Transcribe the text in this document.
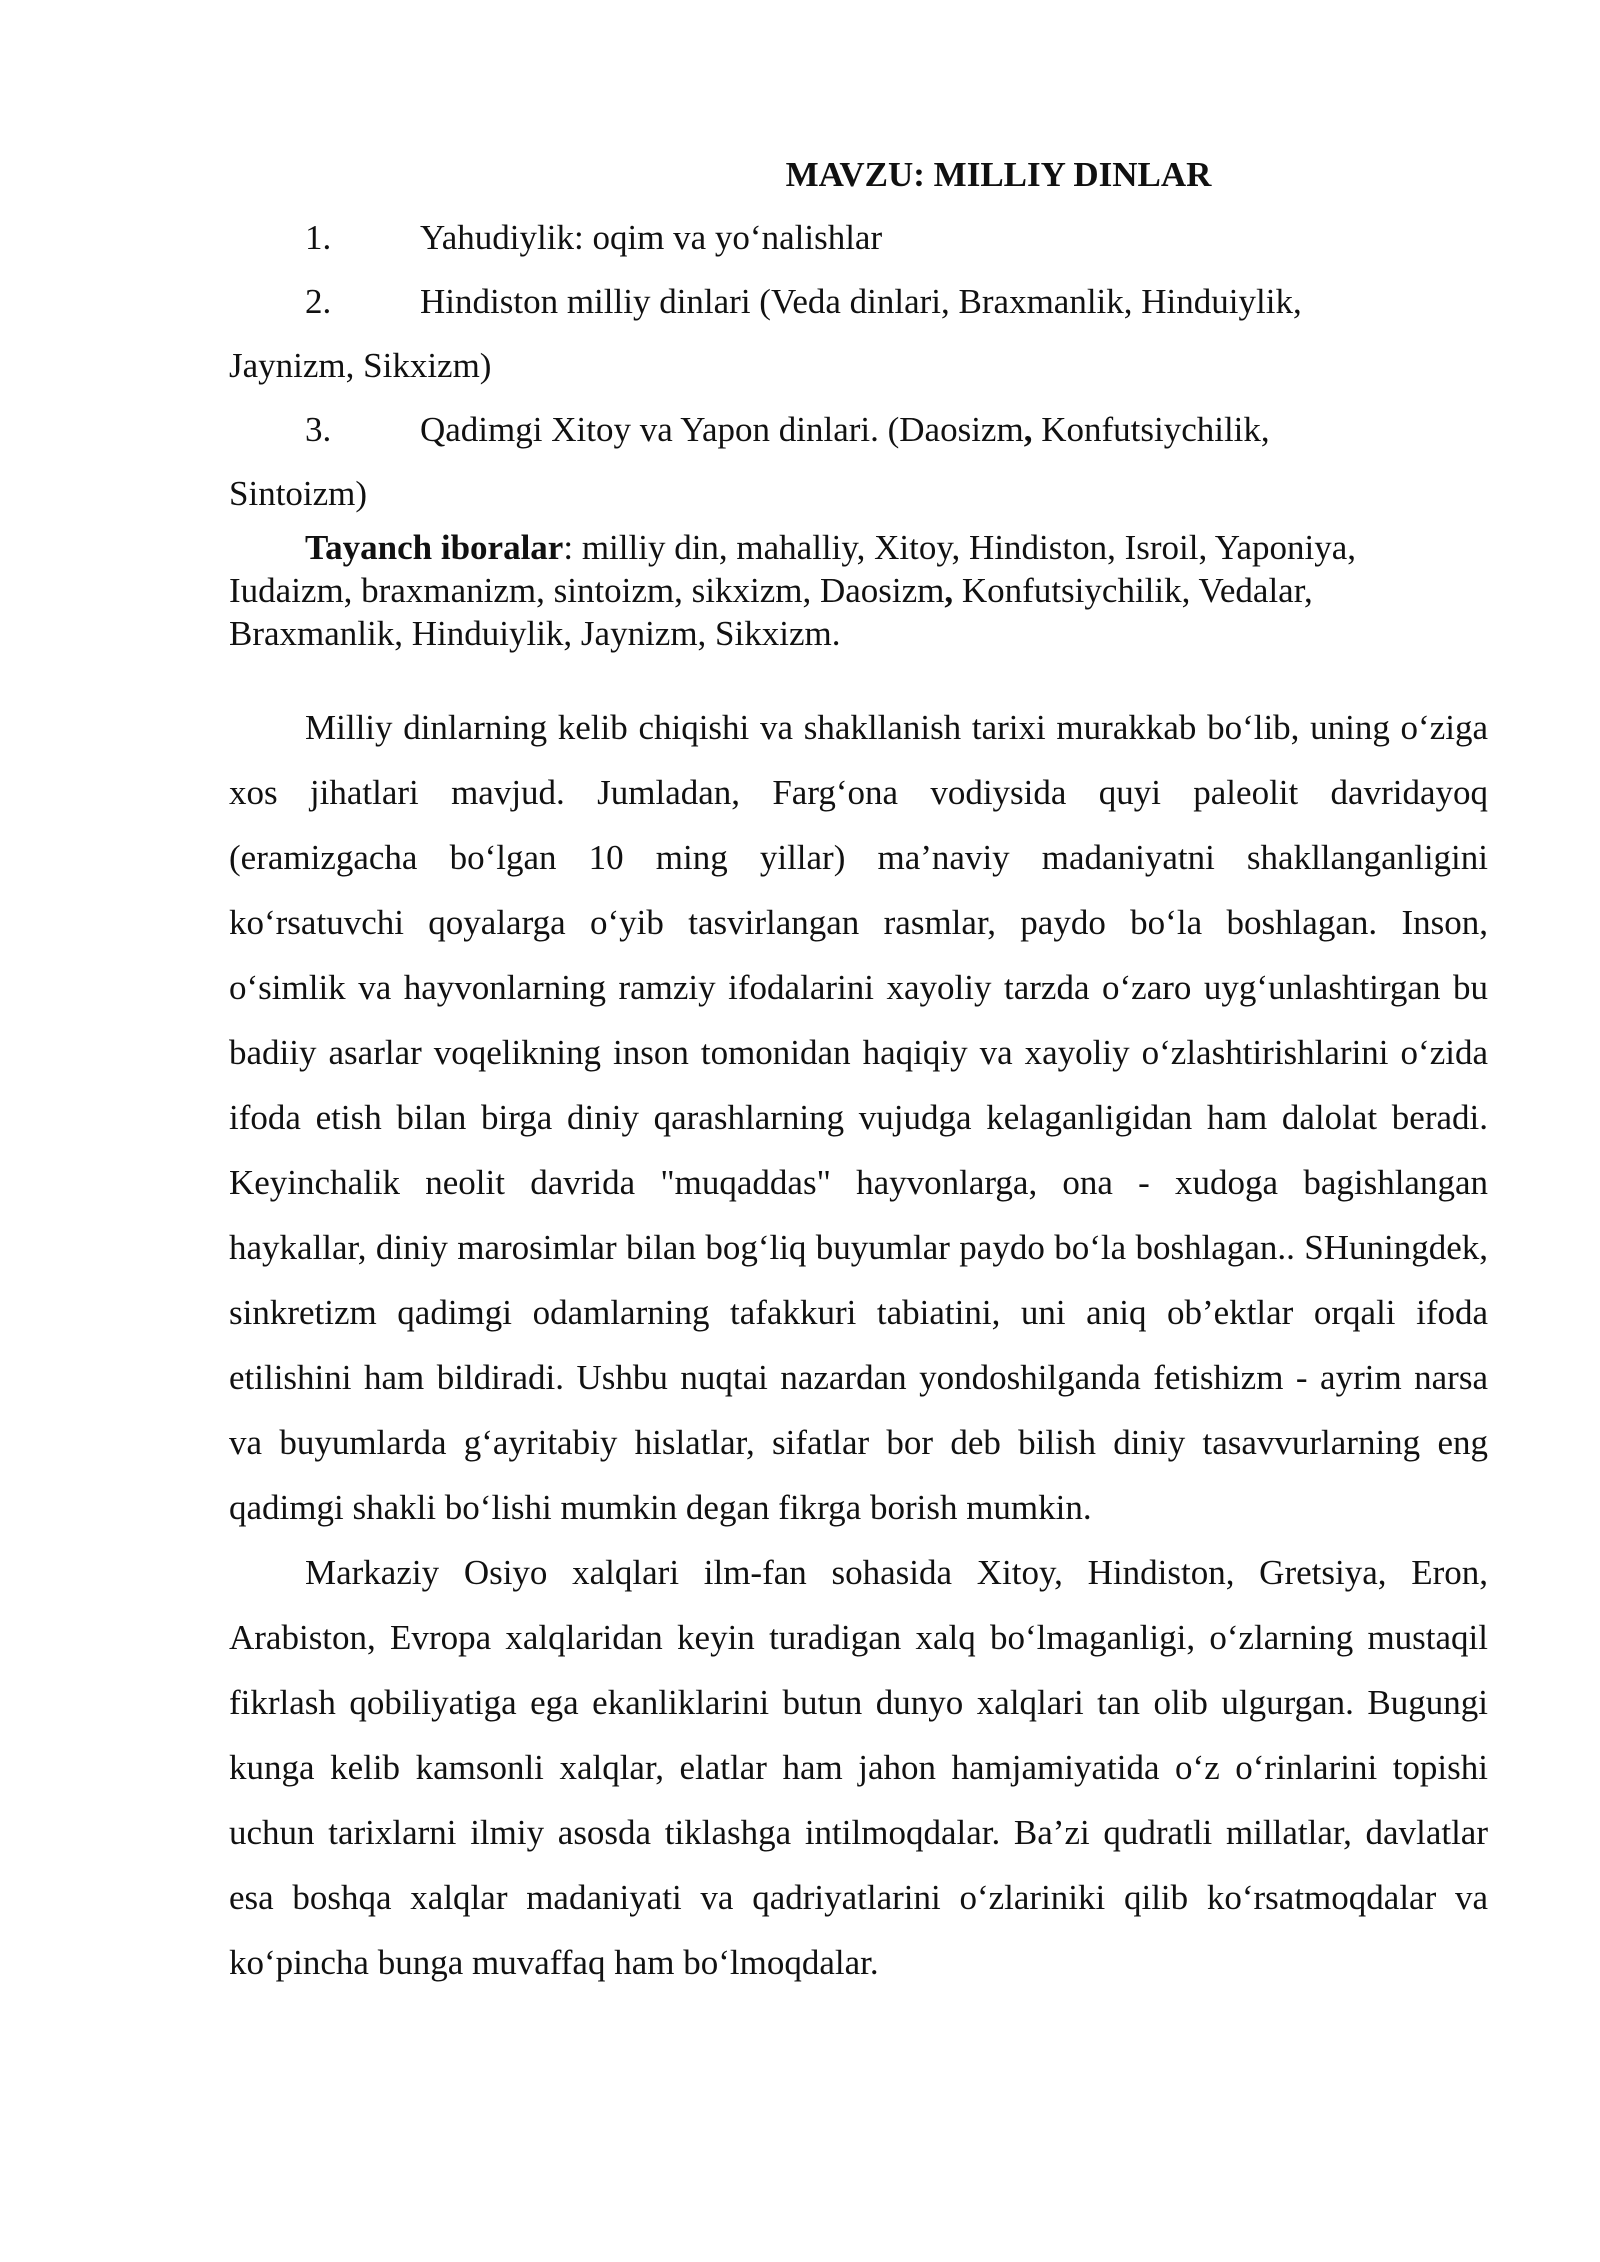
MAVZU: MILLIY DINLAR
1.	Yahudiylik: oqim va yo‘nalishlar
2.	Hindiston milliy dinlari (Veda dinlari, Braxmanlik, Hinduiylik,
Jaynizm, Sikxizm)
3.	Qadimgi Xitoy va Yapon dinlari. (Daosizm, Konfutsiychilik,
Sintoizm)

Tayanch iboralar: milliy din, mahalliy, Xitoy, Hindiston, Isroil, Yaponiya, Iudaizm, braxmanizm, sintoizm, sikxizm, Daosizm, Konfutsiychilik, Vedalar, Braxmanlik, Hinduiylik, Jaynizm, Sikxizm.

Milliy dinlarning kelib chiqishi va shakllanish tarixi murakkab bo‘lib, uning o‘ziga xos jihatlari mavjud. Jumladan, Farg‘ona vodiysida quyi paleolit davridayoq (eramizgacha bo‘lgan 10 ming yillar) ma’naviy madaniyatni shakllanganligini ko‘rsatuvchi qoyalarga o‘yib tasvirlangan rasmlar, paydo bo‘la boshlagan. Inson, o‘simlik va hayvonlarning ramziy ifodalarini xayoliy tarzda o‘zaro uyg‘unlashtirgan bu badiiy asarlar voqelikning inson tomonidan haqiqiy va xayoliy o‘zlashtirishlarini o‘zida ifoda etish bilan birga diniy qarashlarning vujudga kelaganligidan ham dalolat beradi. Keyinchalik neolit davrida "muqaddas" hayvonlarga, ona - xudoga bagishlangan haykallar, diniy marosimlar bilan bog‘liq buyumlar paydo bo‘la boshlagan.. SHuningdek, sinkretizm qadimgi odamlarning tafakkuri tabiatini, uni aniq ob’ektlar orqali ifoda etilishini ham bildiradi. Ushbu nuqtai nazardan yondoshilganda fetishizm - ayrim narsa va buyumlarda g‘ayritabiy hislatlar, sifatlar bor deb bilish diniy tasavvurlarning eng qadimgi shakli bo‘lishi mumkin degan fikrga borish mumkin.

Markaziy Osiyo xalqlari ilm-fan sohasida Xitoy, Hindiston, Gretsiya, Eron, Arabiston, Evropa xalqlaridan keyin turadigan xalq bo‘lmaganligi, o‘zlarning mustaqil fikrlash qobiliyatiga ega ekanliklarini butun dunyo xalqlari tan olib ulgurgan. Bugungi kunga kelib kamsonli xalqlar, elatlar ham jahon hamjamiyatida o‘z o‘rinlarini topishi uchun tarixlarni ilmiy asosda tiklashga intilmoqdalar. Ba’zi qudratli millatlar, davlatlar esa boshqa xalqlar madaniyati va qadriyatlarini o‘zlariniki qilib ko‘rsatmoqdalar va ko‘pincha bunga muvaffaq ham bo‘lmoqdalar.
